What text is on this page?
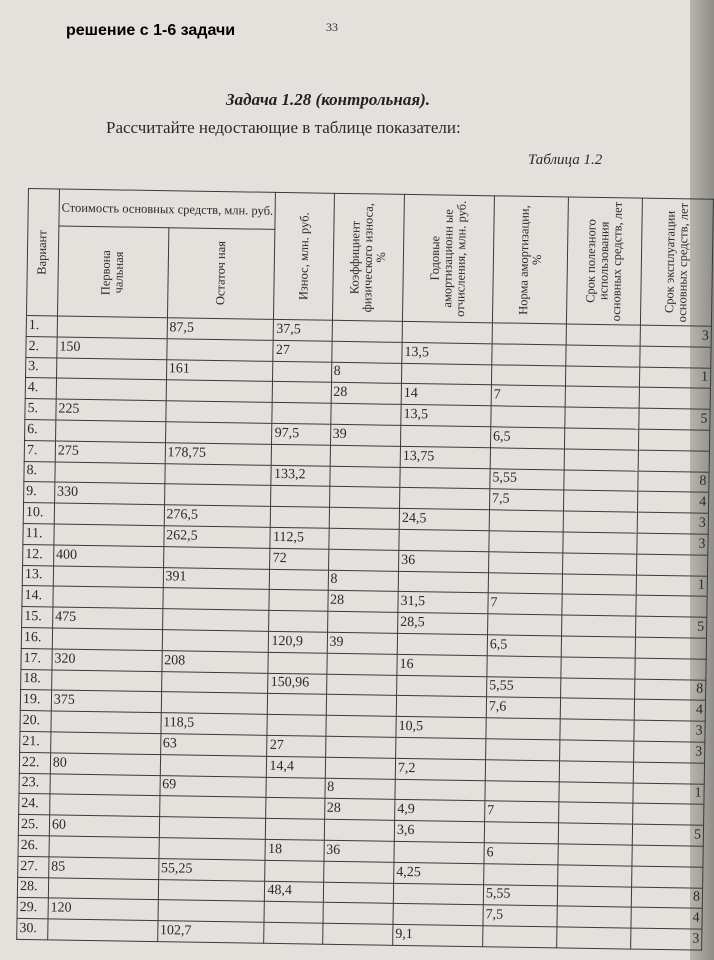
решение с 1-6 задачи	33
Задача 1.28 (контрольная).
Рассчитайте недостающие в таблице показатели:
Таблица 1.2
Вариант	Стоимость основных средств, млн. руб.		Износ, млн. руб.	Коэффициент физического износа, %	Годовые амортизационн ые отчисления, млн. руб.	Норма амортизации, %	Срок полезного использования основных средств, лет	Срок эксплуатации основных средств, лет

	Первона чальная	Остаточ ная						

1.		87,5	37,5					3
2.	150		27		13,5			
3.		161		8				1
4.				28	14	7		
5.	225				13,5			5
6.			97,5	39		6,5		
7.	275	178,75			13,75			
8.			133,2			5,55		8
9.	330					7,5		4
10.		276,5			24,5			3
11.		262,5	112,5					3
12.	400		72		36			
13.		391		8				1
14.				28	31,5	7		
15.	475				28,5			5
16.			120,9	39		6,5		
17.	320	208			16			
18.			150,96			5,55		8
19.	375					7,6		4
20.		118,5			10,5			3
21.		63	27					3
22.	80		14,4		7,2			
23.		69		8				1
24.				28	4,9	7		
25.	60				3,6			5
26.			18	36		6		
27.	85	55,25			4,25			
28.			48,4			5,55		8
29.	120					7,5		4
30.		102,7			9,1			3
